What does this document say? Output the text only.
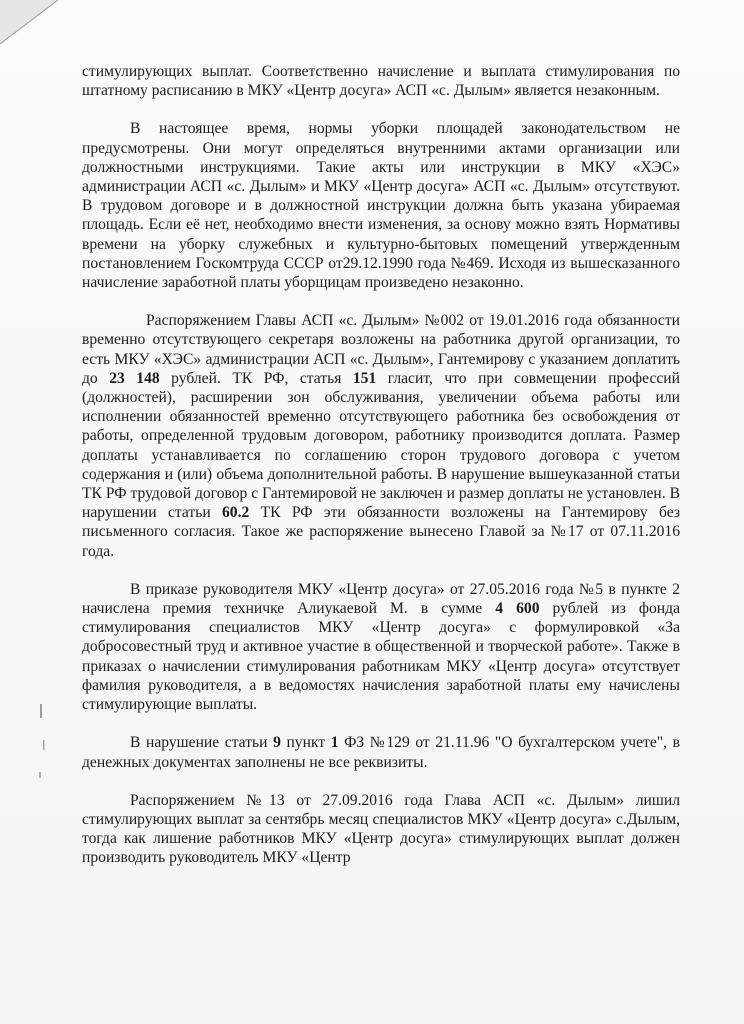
стимулирующих выплат. Соответственно начисление и выплата стимулирования по штатному расписанию в МКУ «Центр досуга» АСП «с. Дылым» является незаконным.

В настоящее время, нормы уборки площадей законодательством не предусмотрены. Они могут определяться внутренними актами организации или должностными инструкциями. Такие акты или инструкции в МКУ «ХЭС» администрации АСП «с. Дылым» и МКУ «Центр досуга» АСП «с. Дылым» отсутствуют. В трудовом договоре и в должностной инструкции должна быть указана убираемая площадь. Если её нет, необходимо внести изменения, за основу можно взять Нормативы времени на уборку служебных и культурно-бытовых помещений утвержденным постановлением Госкомтруда СССР от29.12.1990 года №469. Исходя из вышесказанного начисление заработной платы уборщицам произведено незаконно.

Распоряжением Главы АСП «с. Дылым» №002 от 19.01.2016 года обязанности временно отсутствующего секретаря возложены на работника другой организации, то есть МКУ «ХЭС» администрации АСП «с. Дылым», Гантемирову с указанием доплатить до 23 148 рублей. ТК РФ, статья 151 гласит, что при совмещении профессий (должностей), расширении зон обслуживания, увеличении объема работы или исполнении обязанностей временно отсутствующего работника без освобождения от работы, определенной трудовым договором, работнику производится доплата. Размер доплаты устанавливается по соглашению сторон трудового договора с учетом содержания и (или) объема дополнительной работы. В нарушение вышеуказанной статьи ТК РФ трудовой договор с Гантемировой не заключен и размер доплаты не установлен. В нарушении статьи 60.2 ТК РФ эти обязанности возложены на Гантемирову без письменного согласия. Такое же распоряжение вынесено Главой за №17 от 07.11.2016 года.

В приказе руководителя МКУ «Центр досуга» от 27.05.2016 года №5 в пункте 2 начислена премия техничке Алиукаевой М. в сумме 4 600 рублей из фонда стимулирования специалистов МКУ «Центр досуга» с формулировкой «За добросовестный труд и активное участие в общественной и творческой работе». Также в приказах о начислении стимулирования работникам МКУ «Центр досуга» отсутствует фамилия руководителя, а в ведомостях начисления заработной платы ему начислены стимулирующие выплаты.

В нарушение статьи 9 пункт 1 ФЗ №129 от 21.11.96 "О бухгалтерском учете", в денежных документах заполнены не все реквизиты.

Распоряжением №13 от 27.09.2016 года Глава АСП «с. Дылым» лишил стимулирующих выплат за сентябрь месяц специалистов МКУ «Центр досуга» с.Дылым, тогда как лишение работников МКУ «Центр досуга» стимулирующих выплат должен производить руководитель МКУ «Центр
